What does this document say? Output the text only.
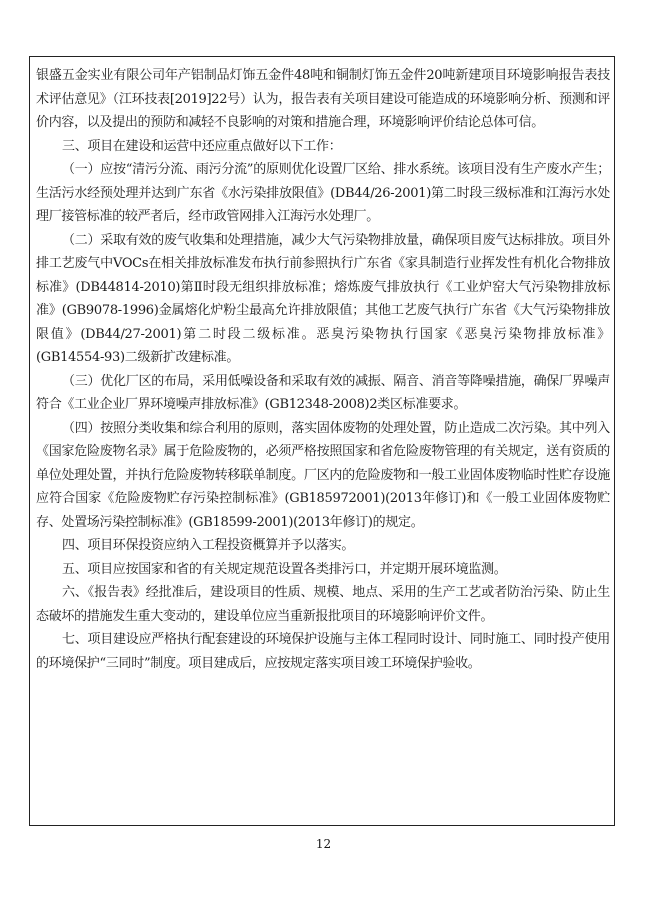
银盛五金实业有限公司年产铝制品灯饰五金件48吨和铜制灯饰五金件20吨新建项目环境影响报告表技术评估意见》（江环技表[2019]22号）认为，报告表有关项目建设可能造成的环境影响分析、预测和评价内容，以及提出的预防和减轻不良影响的对策和措施合理，环境影响评价结论总体可信。

三、项目在建设和运营中还应重点做好以下工作：

（一）应按“清污分流、雨污分流”的原则优化设置厂区给、排水系统。该项目没有生产废水产生；生活污水经预处理并达到广东省《水污染排放限值》(DB44/26-2001)第二时段三级标准和江海污水处理厂接管标准的较严者后，经市政管网排入江海污水处理厂。

（二）采取有效的废气收集和处理措施，减少大气污染物排放量，确保项目废气达标排放。项目外排工艺废气中VOCs在相关排放标准发布执行前参照执行广东省《家具制造行业挥发性有机化合物排放标准》(DB44814-2010)第Ⅱ时段无组织排放标准；熔炼废气排放执行《工业炉窑大气污染物排放标准》(GB9078-1996)金属熔化炉粉尘最高允许排放限值；其他工艺废气执行广东省《大气污染物排放限值》(DB44/27-2001)第二时段二级标准。恶臭污染物执行国家《恶臭污染物排放标准》(GB14554-93)二级新扩改建标准。

（三）优化厂区的布局，采用低噪设备和采取有效的减振、隔音、消音等降噪措施，确保厂界噪声符合《工业企业厂界环境噪声排放标准》(GB12348-2008)2类区标准要求。

（四）按照分类收集和综合利用的原则，落实固体废物的处理处置，防止造成二次污染。其中列入《国家危险废物名录》属于危险废物的，必须严格按照国家和省危险废物管理的有关规定，送有资质的单位处理处置，并执行危险废物转移联单制度。厂区内的危险废物和一般工业固体废物临时性贮存设施应符合国家《危险废物贮存污染控制标准》(GB185972001)(2013年修订)和《一般工业固体废物贮存、处置场污染控制标准》(GB18599-2001)(2013年修订)的规定。

四、项目环保投资应纳入工程投资概算并予以落实。

五、项目应按国家和省的有关规定规范设置各类排污口，并定期开展环境监测。

六、《报告表》经批准后，建设项目的性质、规模、地点、采用的生产工艺或者防治污染、防止生态破坏的措施发生重大变动的，建设单位应当重新报批项目的环境影响评价文件。

七、项目建设应严格执行配套建设的环境保护设施与主体工程同时设计、同时施工、同时投产使用的环境保护“三同时”制度。项目建成后，应按规定落实项目竣工环境保护验收。

12
